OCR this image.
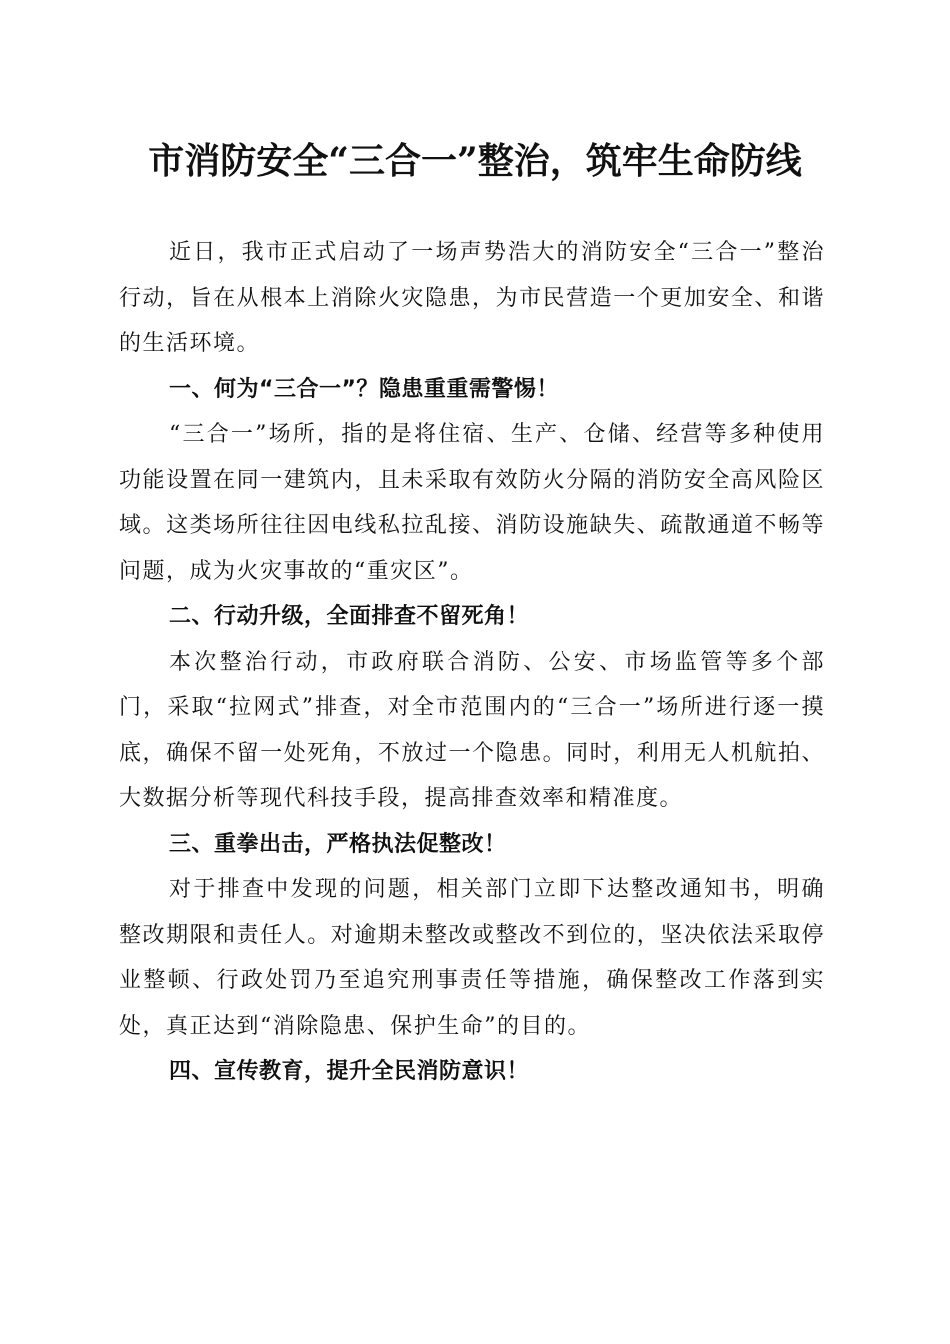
市消防安全“三合一”整治，筑牢生命防线

近日，我市正式启动了一场声势浩大的消防安全“三合一”整治行动，旨在从根本上消除火灾隐患，为市民营造一个更加安全、和谐的生活环境。

一、何为“三合一”？隐患重重需警惕！

“三合一”场所，指的是将住宿、生产、仓储、经营等多种使用功能设置在同一建筑内，且未采取有效防火分隔的消防安全高风险区域。这类场所往往因电线私拉乱接、消防设施缺失、疏散通道不畅等问题，成为火灾事故的“重灾区”。

二、行动升级，全面排查不留死角！

本次整治行动，市政府联合消防、公安、市场监管等多个部门，采取“拉网式”排查，对全市范围内的“三合一”场所进行逐一摸底，确保不留一处死角，不放过一个隐患。同时，利用无人机航拍、大数据分析等现代科技手段，提高排查效率和精准度。

三、重拳出击，严格执法促整改！

对于排查中发现的问题，相关部门立即下达整改通知书，明确整改期限和责任人。对逾期未整改或整改不到位的，坚决依法采取停业整顿、行政处罚乃至追究刑事责任等措施，确保整改工作落到实处，真正达到“消除隐患、保护生命”的目的。

四、宣传教育，提升全民消防意识！
